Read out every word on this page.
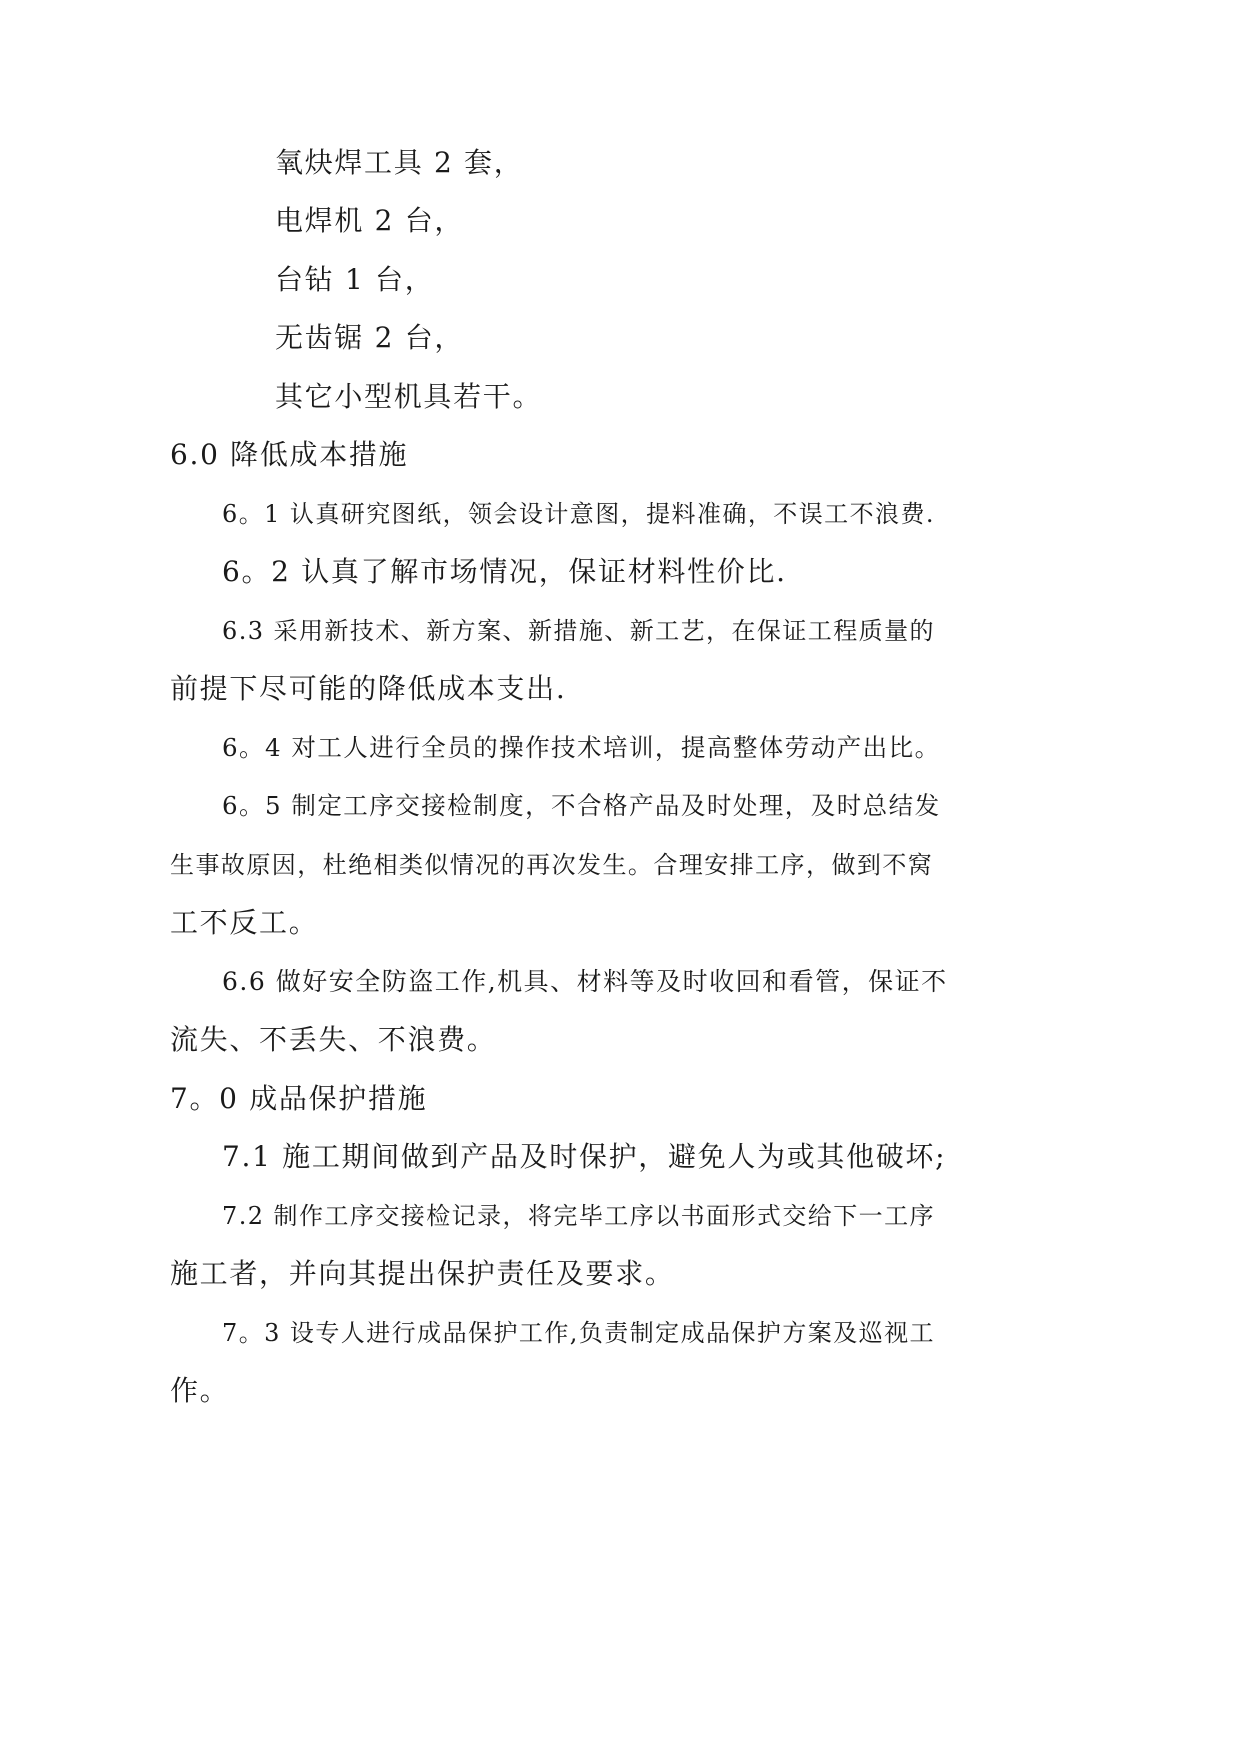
氧炔焊工具 2 套，

电焊机 2 台，

台钻 1 台，

无齿锯 2 台，

其它小型机具若干。

6.0 降低成本措施

6。1 认真研究图纸，领会设计意图，提料准确，不误工不浪费.

6。2 认真了解市场情况，保证材料性价比.

6.3 采用新技术、新方案、新措施、新工艺，在保证工程质量的

前提下尽可能的降低成本支出.

6。4 对工人进行全员的操作技术培训，提高整体劳动产出比。

6。5 制定工序交接检制度，不合格产品及时处理，及时总结发

生事故原因，杜绝相类似情况的再次发生。合理安排工序，做到不窝

工不反工。

6.6 做好安全防盗工作,机具、材料等及时收回和看管，保证不

流失、不丢失、不浪费。

7。0 成品保护措施

7.1 施工期间做到产品及时保护，避免人为或其他破坏;

7.2 制作工序交接检记录，将完毕工序以书面形式交给下一工序

施工者，并向其提出保护责任及要求。

7。3 设专人进行成品保护工作,负责制定成品保护方案及巡视工

作。
